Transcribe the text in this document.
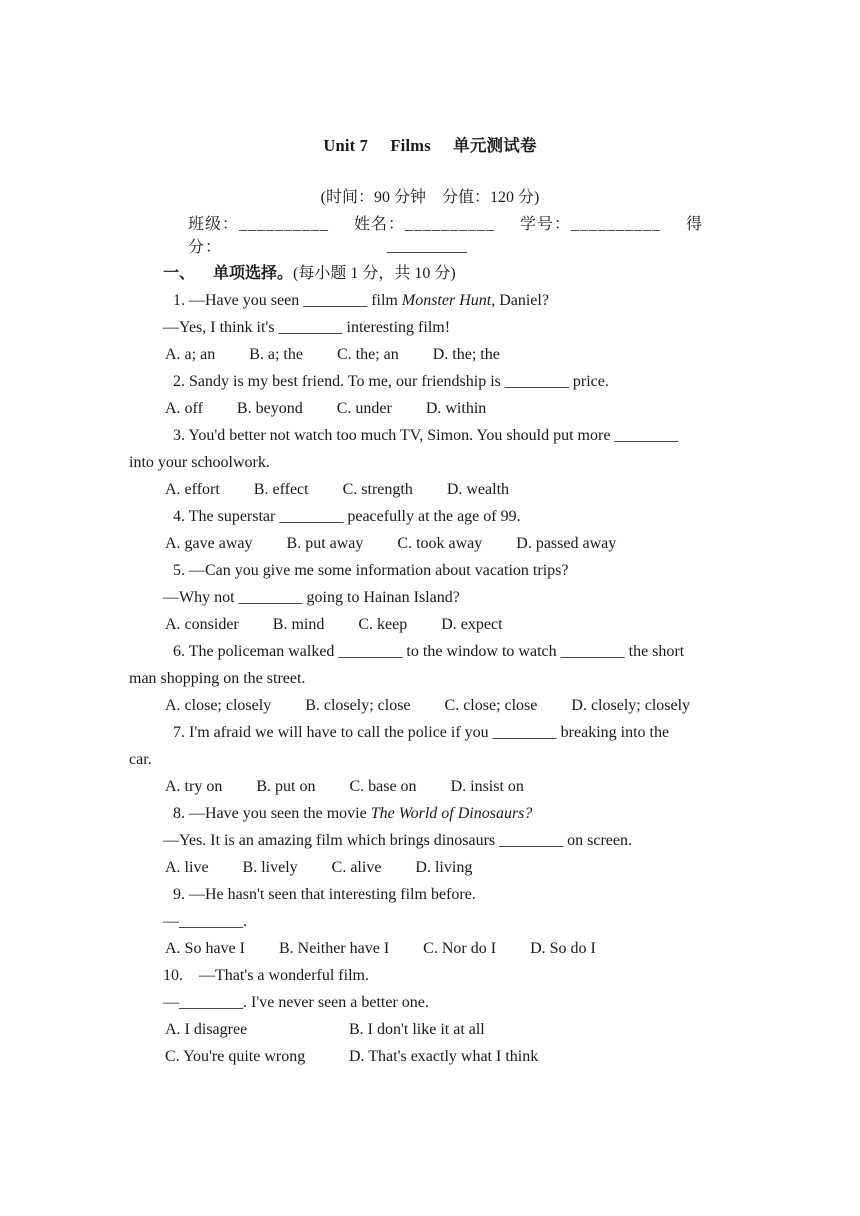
Unit 7 Films 单元测试卷
(时间：90 分钟　分值：120 分)
班级：__________ 姓名：__________ 学号：__________ 得分：	__________
一、 单项选择。(每小题 1 分，共 10 分)
1. —Have you seen ________ film Monster Hunt, Daniel?
—Yes, I think it's ________ interesting film!
A. a; an B. a; the C. the; an D. the; the
2. Sandy is my best friend. To me, our friendship is ________ price.
A. off B. beyond C. under D. within
3. You'd better not watch too much TV, Simon. You should put more ________
into your schoolwork.
A. effort B. effect C. strength D. wealth
4. The superstar ________ peacefully at the age of 99.
A. gave away B. put away C. took away D. passed away
5. —Can you give me some information about vacation trips?
—Why not ________ going to Hainan Island?
A. consider B. mind C. keep D. expect
6. The policeman walked ________ to the window to watch ________ the short
man shopping on the street.
A. close; closely B. closely; close C. close; close D. closely; closely
7. I'm afraid we will have to call the police if you ________ breaking into the
car.
A. try on B. put on C. base on D. insist on
8. —Have you seen the movie The World of Dinosaurs?
—Yes. It is an amazing film which brings dinosaurs ________ on screen.
A. live B. lively C. alive D. living
9. —He hasn't seen that interesting film before.
—________.
A. So have I B. Neither have I C. Nor do I D. So do I
10.　—That's a wonderful film.
—________. I've never seen a better one.
A. I disagree	B. I don't like it at all
C. You're quite wrong	D. That's exactly what I think
